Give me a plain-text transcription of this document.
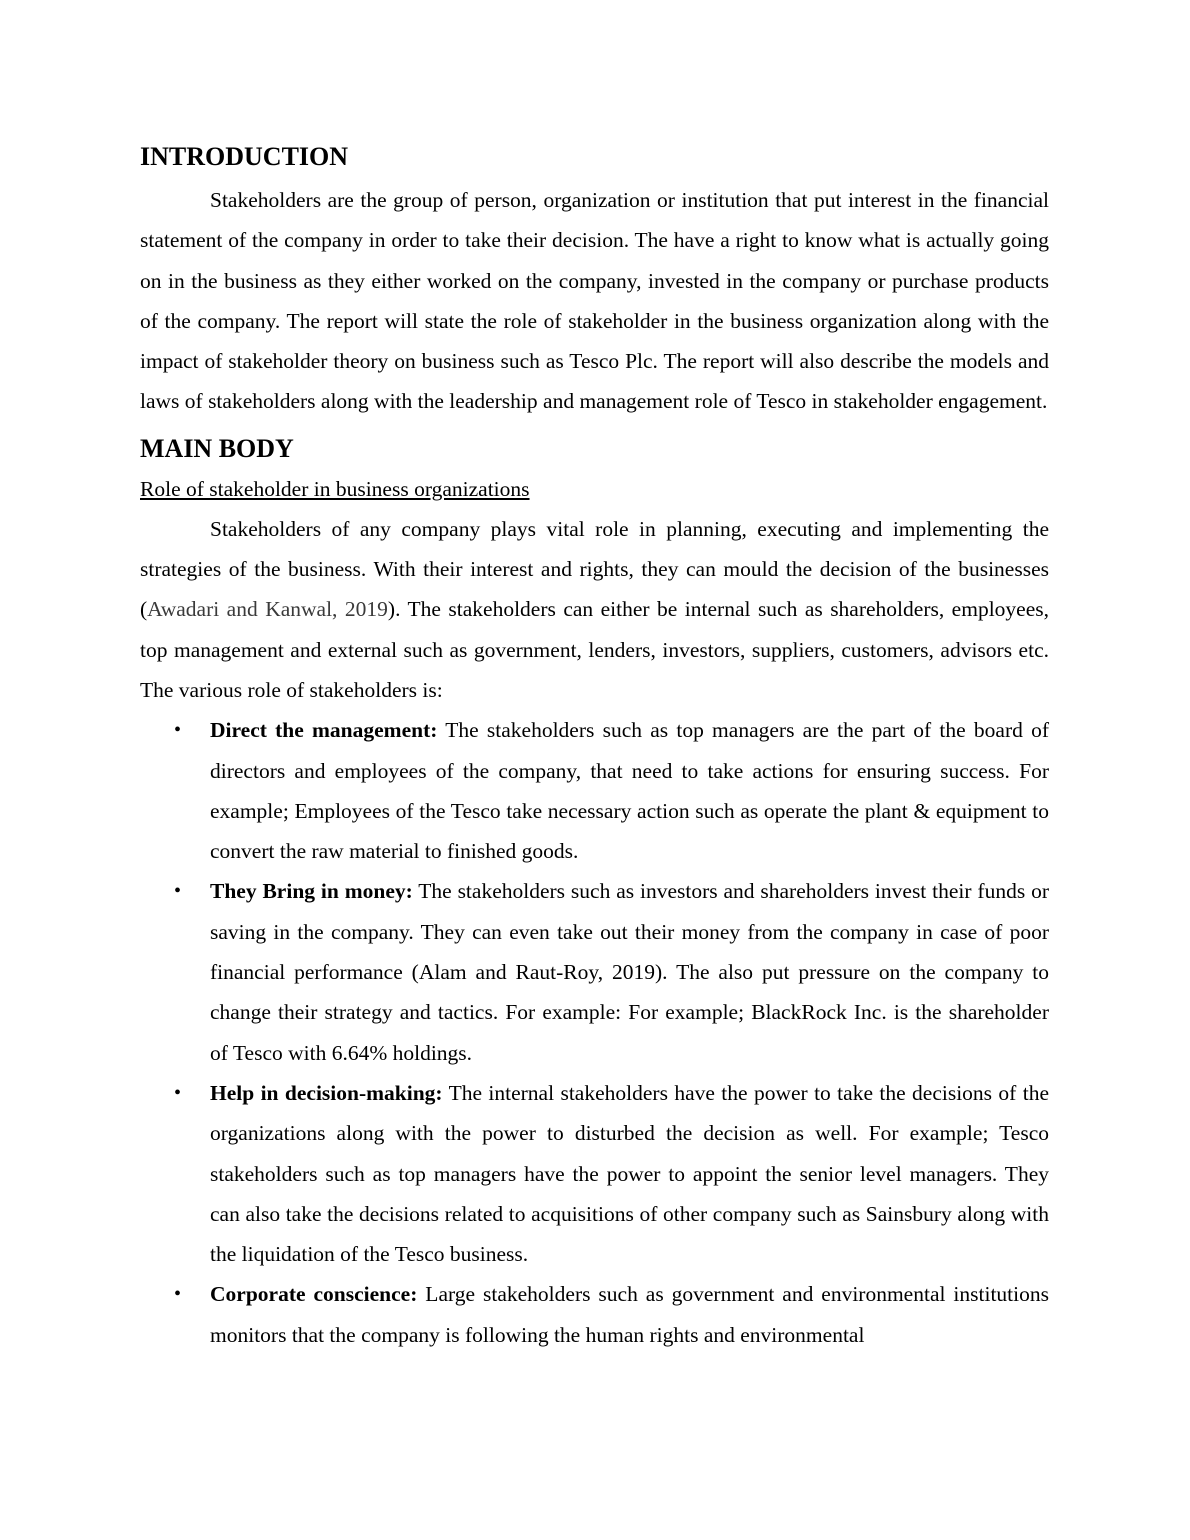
INTRODUCTION

Stakeholders are the group of person, organization or institution that put interest in the financial statement of the company in order to take their decision. The have a right to know what is actually going on in the business as they either worked on the company, invested in the company or purchase products of the company. The report will state the role of stakeholder in the business organization along with the impact of stakeholder theory on business such as Tesco Plc. The report will also describe the models and laws of stakeholders along with the leadership and management role of Tesco in stakeholder engagement.

MAIN BODY
Role of stakeholder in business organizations

Stakeholders of any company plays vital role in planning, executing and implementing the strategies of the business. With their interest and rights, they can mould the decision of the businesses (Awadari and Kanwal, 2019). The stakeholders can either be internal such as shareholders, employees, top management and external such as government, lenders, investors, suppliers, customers, advisors etc. The various role of stakeholders is:

• Direct the management: The stakeholders such as top managers are the part of the board of directors and employees of the company, that need to take actions for ensuring success. For example; Employees of the Tesco take necessary action such as operate the plant & equipment to convert the raw material to finished goods.
• They Bring in money: The stakeholders such as investors and shareholders invest their funds or saving in the company. They can even take out their money from the company in case of poor financial performance (Alam and Raut-Roy, 2019). The also put pressure on the company to change their strategy and tactics. For example: For example; BlackRock Inc. is the shareholder of Tesco with 6.64% holdings.
• Help in decision-making: The internal stakeholders have the power to take the decisions of the organizations along with the power to disturbed the decision as well. For example; Tesco stakeholders such as top managers have the power to appoint the senior level managers. They can also take the decisions related to acquisitions of other company such as Sainsbury along with the liquidation of the Tesco business.
• Corporate conscience: Large stakeholders such as government and environmental institutions monitors that the company is following the human rights and environmental
